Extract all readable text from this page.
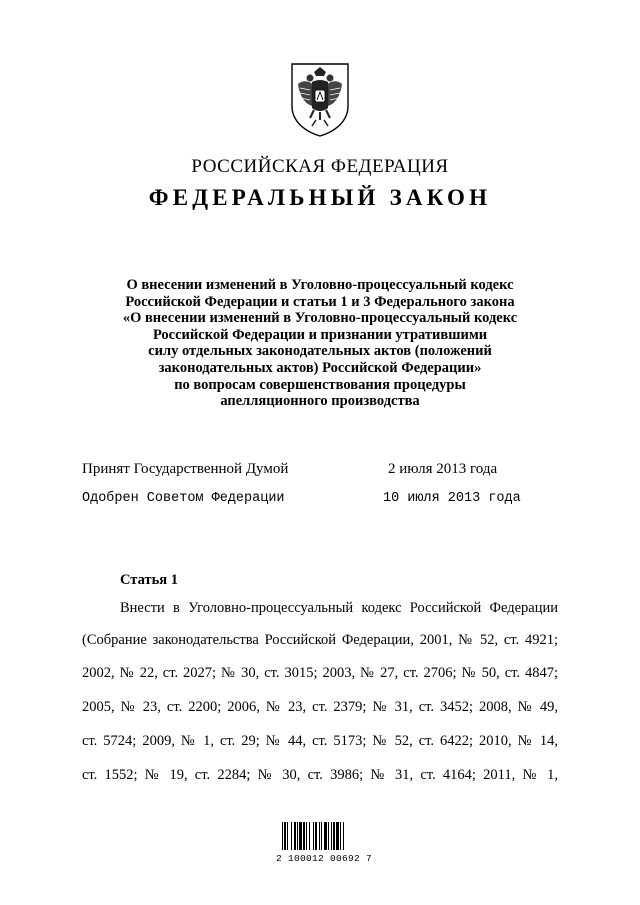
РОССИЙСКАЯ ФЕДЕРАЦИЯ
ФЕДЕРАЛЬНЫЙ ЗАКОН
О внесении изменений в Уголовно-процессуальный кодекс
Российской Федерации и статьи 1 и 3 Федерального закона
«О внесении изменений в Уголовно-процессуальный кодекс
Российской Федерации и признании утратившими
силу отдельных законодательных актов (положений
законодательных актов) Российской Федерации»
по вопросам совершенствования процедуры
апелляционного производства
Принят Государственной Думой	2 июля 2013 года
Одобрен Советом Федерации	10 июля 2013 года
Статья 1
Внести в Уголовно-процессуальный кодекс Российской Федерации
(Собрание законодательства Российской Федерации, 2001, № 52, ст. 4921;
2002, № 22, ст. 2027; № 30, ст. 3015; 2003, № 27, ст. 2706; № 50, ст. 4847;
2005, № 23, ст. 2200; 2006, № 23, ст. 2379; № 31, ст. 3452; 2008, № 49,
ст. 5724; 2009, № 1, ст. 29; № 44, ст. 5173; № 52, ст. 6422; 2010, № 14,
ст. 1552; № 19, ст. 2284; № 30, ст. 3986; № 31, ст. 4164; 2011, № 1,
2 100012 00692 7
